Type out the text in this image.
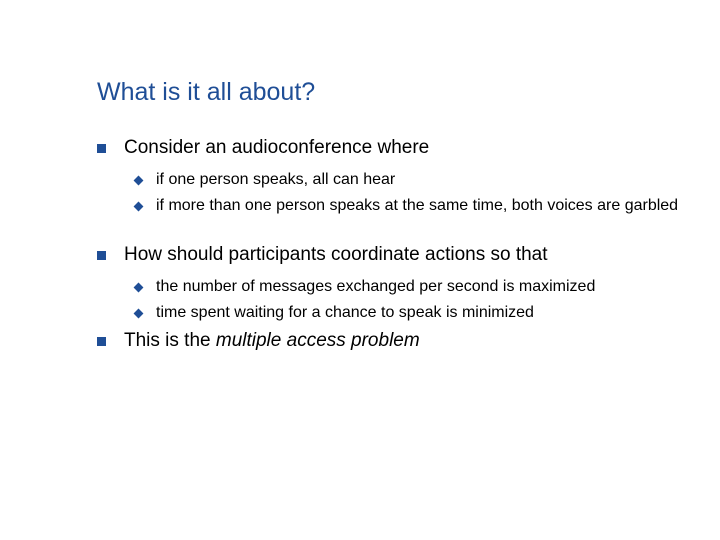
What is it all about?
Consider an audioconference where
if one person speaks, all can hear
if more than one person speaks at the same time, both voices are garbled
How should participants coordinate actions so that
the number of messages exchanged per second is maximized
time spent waiting for a chance to speak is minimized
This is the multiple access problem
